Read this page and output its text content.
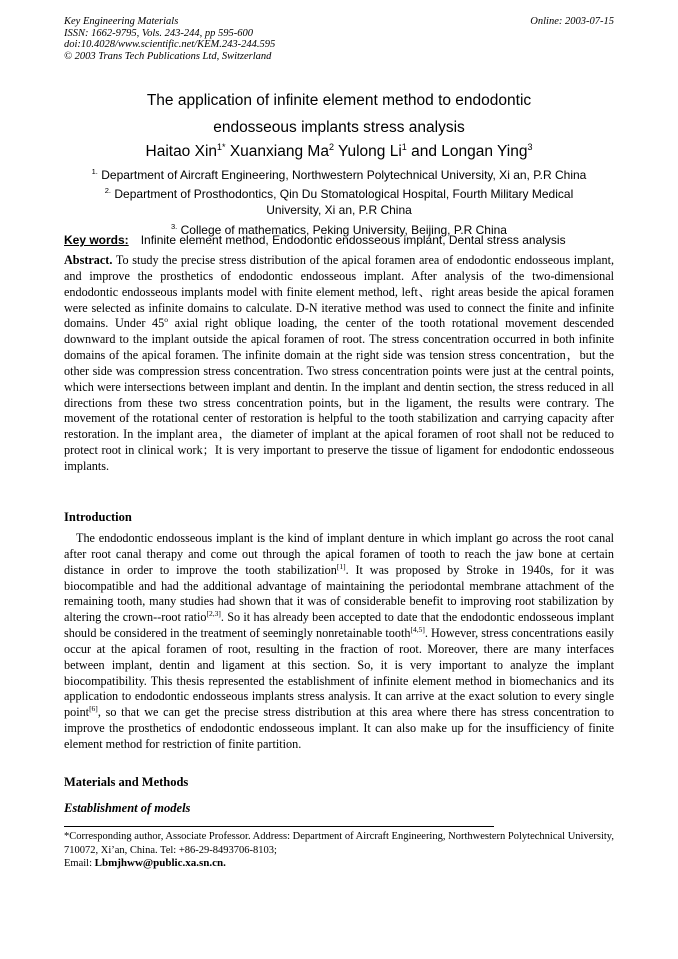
Key Engineering Materials
ISSN: 1662-9795, Vols. 243-244, pp 595-600
doi:10.4028/www.scientific.net/KEM.243-244.595
© 2003 Trans Tech Publications Ltd, Switzerland
Online: 2003-07-15
The application of infinite element method to endodontic
endosseous implants stress analysis
Haitao Xin$^{1*}$ Xuanxiang Ma$^2$ Yulong Li$^1$ and Longan Ying$^3$
$^{1.}$ Department of Aircraft Engineering, Northwestern Polytechnical University, Xi an, P.R China
$^{2.}$ Department of Prosthodontics, Qin Du Stomatological Hospital, Fourth Military Medical
University, Xi an, P.R China
$^{3.}$ College of mathematics, Peking University, Beijing, P.R China
Key words: Infinite element method, Endodontic endosseous implant, Dental stress analysis
Abstract. To study the precise stress distribution of the apical foramen area of endodontic endosseous implant, and improve the prosthetics of endodontic endosseous implant. After analysis of the two-dimensional endodontic endosseous implants model with finite element method, left、right areas beside the apical foramen were selected as infinite domains to calculate. D-N iterative method was used to connect the finite and infinite domains. Under 45$^o$ axial right oblique loading, the center of the tooth rotational movement descended downward to the implant outside the apical foramen of root. The stress concentration occurred in both infinite domains of the apical foramen. The infinite domain at the right side was tension stress concentration，but the other side was compression stress concentration. Two stress concentration points were just at the central points, which were intersections between implant and dentin. In the implant and dentin section, the stress reduced in all directions from these two stress concentration points, but in the ligament, the results were contrary. The movement of the rotational center of restoration is helpful to the tooth stabilization and carrying capacity after restoration. In the implant area，the diameter of implant at the apical foramen of root shall not be reduced to protect root in clinical work；It is very important to preserve the tissue of ligament for endodontic endosseous implants.
Introduction
The endodontic endosseous implant is the kind of implant denture in which implant go across the root canal after root canal therapy and come out through the apical foramen of tooth to reach the jaw bone at certain distance in order to improve the tooth stabilization[1]. It was proposed by Stroke in 1940s, for it was biocompatible and had the additional advantage of maintaining the periodontal membrane attachment of the remaining tooth, many studies had shown that it was of considerable benefit to improving root stabilization by altering the crown--root ratio[2,3]. So it has already been accepted to date that the endodontic endosseous implant should be considered in the treatment of seemingly nonretainable tooth[4,5]. However, stress concentrations easily occur at the apical foramen of root, resulting in the fraction of root. Moreover, there are many interfaces between implant, dentin and ligament at this section. So, it is very important to analyze the implant biocompatibility. This thesis represented the establishment of infinite element method in biomechanics and its application to endodontic endosseous implants stress analysis. It can arrive at the exact solution to every single point[6], so that we can get the precise stress distribution at this area where there has stress concentration to improve the prosthetics of endodontic endosseous implant. It can also make up for the insufficiency of finite element method for restriction of finite partition.
Materials and Methods
Establishment of models
*Corresponding author, Associate Professor. Address: Department of Aircraft Engineering, Northwestern Polytechnical University, 710072, Xi’an, China. Tel: +86-29-8493706-8103;
Email: Lbmjhww@public.xa.sn.cn.
